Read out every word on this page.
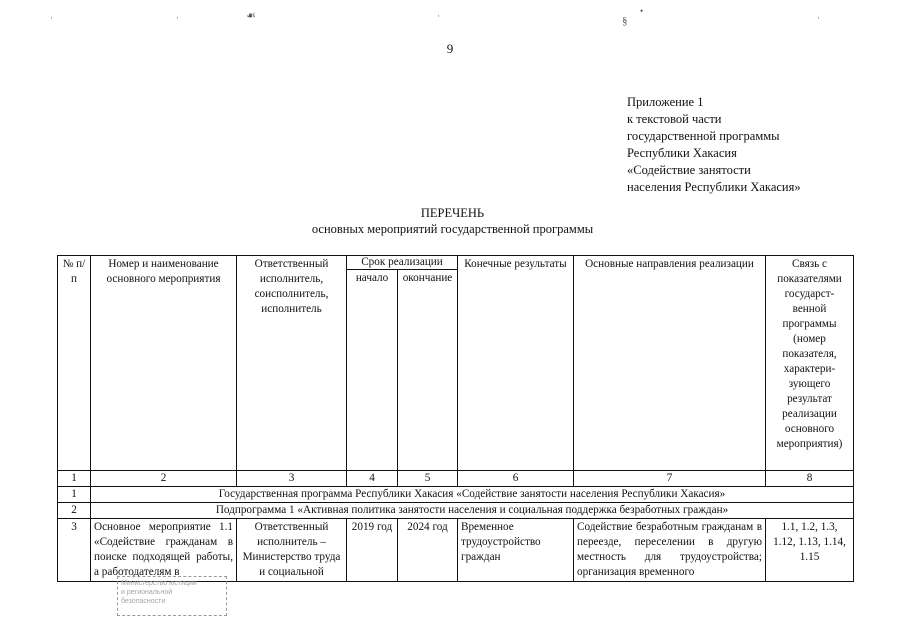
·	·	☙	·	§
•
·
9
Приложение 1
к текстовой части
государственной программы
Республики Хакасия
«Содействие занятости
населения Республики Хакасия»
ПЕРЕЧЕНЬ
основных мероприятий государственной программы
№ п/п	Номер и наименование основного мероприятия	Ответственный исполнитель, соисполнитель, исполнитель	Срок реализации		Конечные результаты	Основные направления реализации	Связь с показателями государст- венной программы (номер показателя, характери- зующего результат реализации основного мероприятия)
			начало	окончание			
1	2	3	4	5	6	7	8
1	Государственная программа Республики Хакасия «Содействие занятости населения Республики Хакасия»						
2	Подпрограмма 1 «Активная политика занятости населения и социальная поддержка безработных граждан»						

3	Основное мероприятие 1.1 «Содействие гражданам в поиске подходящей работы, а работодателям в	Ответственный исполнитель – Министерство труда и социальной	2019 год	2024 год	Временное трудоустройство граждан	Содействие безработным гражданам в переезде, переселении в другую местность для трудоустройства; организация временного	1.1, 1.2, 1.3, 1.12, 1.13, 1.14, 1.15
Министерство юстиции
и региональной
безопасности
